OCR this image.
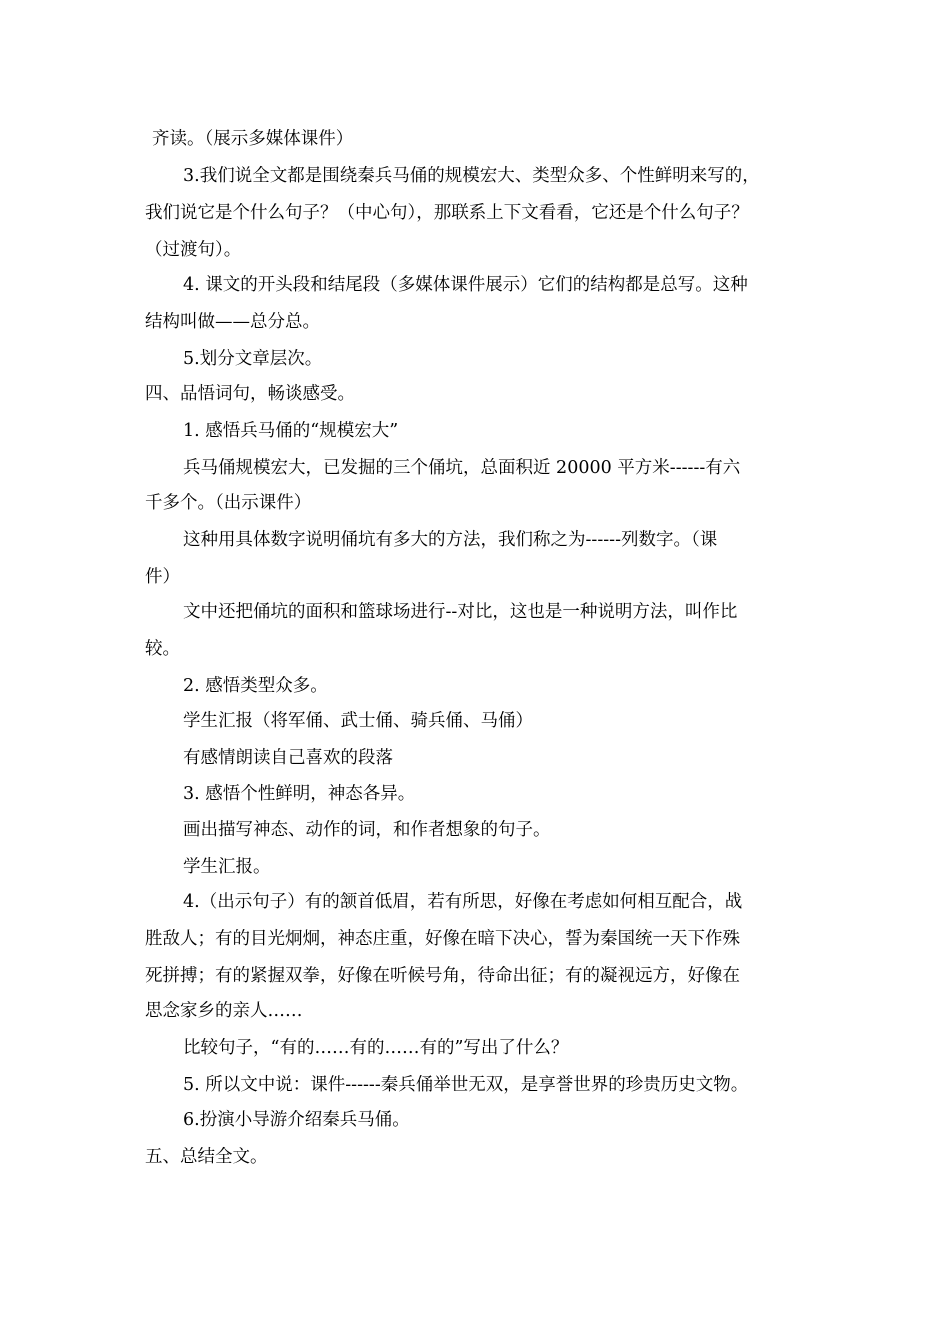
齐读。（展示多媒体课件）
3.我们说全文都是围绕秦兵马俑的规模宏大、类型众多、个性鲜明来写的，
我们说它是个什么句子？（中心句），那联系上下文看看，它还是个什么句子？
（过渡句）。
4. 课文的开头段和结尾段（多媒体课件展示）它们的结构都是总写。这种
结构叫做——总分总。
5.划分文章层次。
四、品悟词句，畅谈感受。
1. 感悟兵马俑的“规模宏大”
兵马俑规模宏大，已发掘的三个俑坑，总面积近 20000 平方米------有六
千多个。（出示课件）
这种用具体数字说明俑坑有多大的方法，我们称之为------列数字。（课
件）
文中还把俑坑的面积和篮球场进行--对比，这也是一种说明方法，叫作比
较。
2. 感悟类型众多。
学生汇报（将军俑、武士俑、骑兵俑、马俑）
有感情朗读自己喜欢的段落
3. 感悟个性鲜明，神态各异。
画出描写神态、动作的词，和作者想象的句子。
学生汇报。
4.（出示句子）有的颔首低眉，若有所思，好像在考虑如何相互配合，战
胜敌人；有的目光炯炯，神态庄重，好像在暗下决心，誓为秦国统一天下作殊
死拼搏；有的紧握双拳，好像在听候号角，待命出征；有的凝视远方，好像在
思念家乡的亲人……
比较句子，“有的……有的……有的”写出了什么？
5. 所以文中说：课件------秦兵俑举世无双，是享誉世界的珍贵历史文物。
6.扮演小导游介绍秦兵马俑。
五、总结全文。
